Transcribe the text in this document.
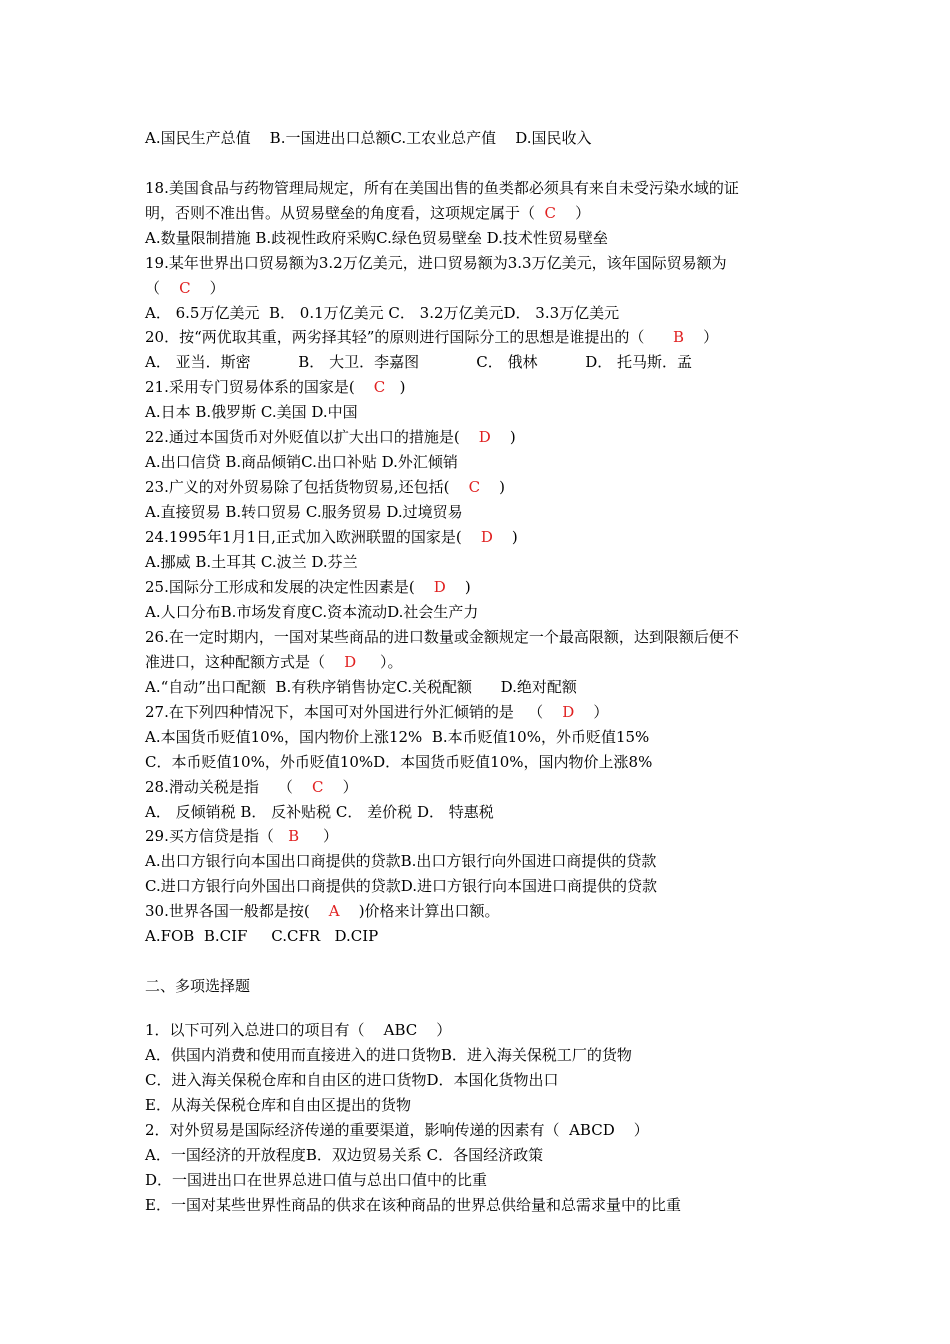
A.国民生产总值    B.一国进出口总额C.工农业总产值    D.国民收入
18.美国食品与药物管理局规定，所有在美国出售的鱼类都必须具有来自未受污染水域的证
明，否则不准出售。从贸易壁垒的角度看，这项规定属于（  C    ）
A.数量限制措施 B.歧视性政府采购C.绿色贸易壁垒 D.技术性贸易壁垒
19.某年世界出口贸易额为3.2万亿美元，进口贸易额为3.3万亿美元，该年国际贸易额为
（    C    ）
A． 6.5万亿美元  B． 0.1万亿美元 C． 3.2万亿美元D． 3.3万亿美元
20．按“两优取其重，两劣择其轻”的原则进行国际分工的思想是谁提出的（      B    ）
A． 亚当．斯密          B． 大卫．李嘉图            C． 俄林          D． 托马斯．孟
21.采用专门贸易体系的国家是(    C   )
A.日本 B.俄罗斯 C.美国 D.中国
22.通过本国货币对外贬值以扩大出口的措施是(    D    )
A.出口信贷 B.商品倾销C.出口补贴 D.外汇倾销
23.广义的对外贸易除了包括货物贸易,还包括(    C    )
A.直接贸易 B.转口贸易 C.服务贸易 D.过境贸易
24.1995年1月1日,正式加入欧洲联盟的国家是(    D    )
A.挪威 B.土耳其 C.波兰 D.芬兰
25.国际分工形成和发展的决定性因素是(    D    )
A.人口分布B.市场发育度C.资本流动D.社会生产力
26.在一定时期内，一国对某些商品的进口数量或金额规定一个最高限额，达到限额后便不
准进口，这种配额方式是（    D     ）。
A.“自动”出口配额  B.有秩序销售协定C.关税配额      D.绝对配额
27.在下列四种情况下，本国可对外国进行外汇倾销的是   （    D    ）
A.本国货币贬值10%，国内物价上涨12%  B.本币贬值10%，外币贬值15%
C．本币贬值10%，外币贬值10%D．本国货币贬值10%，国内物价上涨8%
28.滑动关税是指    （    C    ）
A． 反倾销税 B． 反补贴税 C． 差价税 D． 特惠税
29.买方信贷是指（   B     ）
A.出口方银行向本国出口商提供的贷款B.出口方银行向外国进口商提供的贷款
C.进口方银行向外国出口商提供的贷款D.进口方银行向本国进口商提供的贷款
30.世界各国一般都是按(    A    )价格来计算出口额。
A.FOB  B.CIF     C.CFR   D.CIP
二、多项选择题
1．以下可列入总进口的项目有（    ABC    ）
A．供国内消费和使用而直接进入的进口货物B．进入海关保税工厂的货物
C．进入海关保税仓库和自由区的进口货物D．本国化货物出口
E．从海关保税仓库和自由区提出的货物
2．对外贸易是国际经济传递的重要渠道，影响传递的因素有（  ABCD    ）
A．一国经济的开放程度B．双边贸易关系 C．各国经济政策
D．一国进出口在世界总进口值与总出口值中的比重
E．一国对某些世界性商品的供求在该种商品的世界总供给量和总需求量中的比重
